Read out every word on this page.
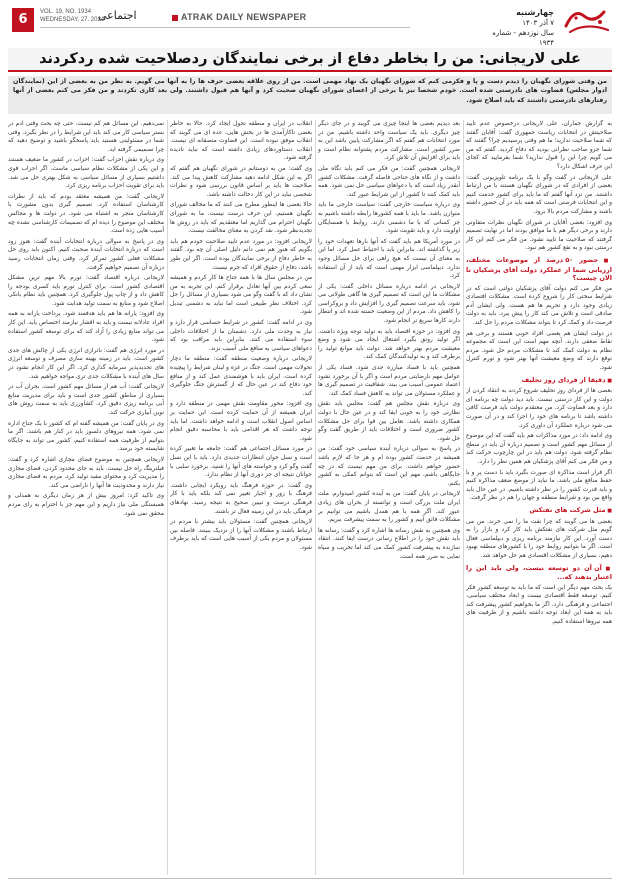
6	VOL. 19, NO. 1934
WEDNESDAY, 27. 2024
اجتماعی	ATRAK DAILY NEWSPAPER	چهارشنبه
۷ آذر ۱۴۰۳
سال نوزدهم - شماره ۱۹۳۴
علی لاریجانی: من را بخاطر دفاع از برخی نمایندگان ردصلاحیت شده ردکردند
من وقتی شورای نگهبان را دیدم دست و پا و فکرمی کنم که شورای نگهبان یک نهاد مهمی است. من از روی علاقه بعضی حرف ها را به آنها می گویم. به نظر من به بعضی از این (نمایندگان ادوار مجلس) قضاوت های نادرستی شده است. خودم شخصا نیز با برخی از اعضای شورای نگهبان صحبت کرد و آنها هم قبول داشتند. ولی بعد کاری نکردند و من فکر می کنم بعضی از آنها رفتارهای نادرستی داشتند که باید اصلاح شود.

به گزارش جماران، علی لاریجانی درخصوص عدم تایید صلاحیتش در انتخابات ریاست جمهوری گفت: آقایان گفتند که شما صلاحیت ندارید؛ ما هم وقتی پرسیدیم چرا؟ گفتند که شما جزو صاحب نظرانی بودید که دفاع کردید. گفتم که من می گویم چرا این را قبول ندارید؟ شما بفرمایید که کجای این حرف اشکال دارد؟

علی لاریجانی در گفت وگو با یک برنامه تلویزیونی گفت: بعضی از افرادی که در شورای نگهبان هستند با من ارتباط داشتند. من نزد آنها گفتم که ما باید برای کشور خدمت کنیم و این انتخابات فرصتی است که همه باید در آن حضور داشته باشند و مشارکت مردم بالا برود.

وی افزود: بعضی آقایان در شورای نگهبان نظرات متفاوتی دارند و برخی دیگر هم با ما موافق بودند اما در نهایت تصمیم گرفتند که صلاحیت ما تایید نشود. من فکر می کنم این کار درستی نبود و به نفع کشور هم نبود.

■ حضور ۵۰ درصد از موضوعات مختلف، ارزیابی شما از عملکرد دولت آقای پزشکیان تا الان چیست؟

من فکر می کنم دولت آقای پزشکیان دولتی است که در شرایط سختی کار را شروع کرده است. مشکلات اقتصادی زیادی وجود دارد و تحریم ها هم هست. ولی ایشان آدم صادقی است و تلاش می کند کار را پیش ببرد. باید به دولت فرصت داد و کمک کرد تا بتواند مشکلات مردم را حل کند.

در دولت ایشان هم بعضی افراد خوبی هستند و برخی هم نقاط ضعفی دارند. آنچه مهم است این است که مجموعه نظام به دولت کمک کند تا مشکلات مردم حل شود. مردم توقع دارند که وضع معیشت آنها بهتر شود و تورم کنترل شود.

■ دقیقا از فردای روز تحلیف

بعضی ها از فردای روز تحلیف شروع کردند به انتقاد کردن از دولت و این کار درستی نیست. باید دید دولت چه برنامه ای دارد و بعد قضاوت کرد. من معتقدم دولت باید فرصت کافی داشته باشد تا برنامه های خود را اجرا کند و در آن صورت می شود درباره عملکرد آن داوری کرد.

وی ادامه داد: در مورد مذاکرات هم باید گفت که این موضوع از مسائل مهم کشور است و تصمیم درباره آن باید در سطح نظام گرفته شود. دولت هم باید در این چارچوب حرکت کند و من فکر می کنم آقای پزشکیان هم همین نظر را دارد.

اگر قرار است مذاکره ای صورت بگیرد باید با دست پر و با حفظ منافع ملی باشد. ما نباید از موضع ضعف مذاکره کنیم و باید قدرت کشور را در نظر داشته باشیم. در عین حال باید واقع بین بود و شرایط منطقه و جهان را هم در نظر گرفت.

■ مثل شرکت های نفتکش

بعضی ها می گویند که چرا نفت ما را نمی خرند. من می گویم مثل شرکت های نفتکش باید کار کرد و بازار را به دست آورد. این کار نیازمند برنامه ریزی و دیپلماسی فعال است. اگر ما بتوانیم روابط خود را با کشورهای منطقه بهبود دهیم، بسیاری از مشکلات اقتصادی هم حل خواهد شد.

■ آن آن دو توسعه نیست، ولی باید این را اعتبار بدهند که...

یک بحث مهم دیگر این است که ما باید به توسعه کشور فکر کنیم. توسعه فقط اقتصادی نیست و ابعاد مختلف سیاسی، اجتماعی و فرهنگی دارد. اگر ما بخواهیم کشور پیشرفت کند باید به همه این ابعاد توجه داشته باشیم و از ظرفیت های همه نیروها استفاده کنیم.

بعد دیدیم بعضی ها اینجا چیزی می گویند و در جای دیگر چیز دیگری. باید یک سیاست واحد داشته باشیم. من در مورد انتخابات هم گفتم که اگر مشارکت پایین باشد این به ضرر کشور است. مشارکت مردم پشتوانه نظام است و باید برای افزایش آن تلاش کرد.

لاریجانی همچنین گفت: من فکر می کنم باید نگاه ملی داشت و از نگاه های جناحی فاصله گرفت. مشکلات کشور آنقدر زیاد است که با دعواهای سیاسی حل نمی شود. همه باید کمک کنند تا کشور از این شرایط عبور کند.

وی درباره سیاست خارجی گفت: سیاست خارجی ما باید متوازن باشد. ما باید با همه کشورها رابطه داشته باشیم به جز کسانی که با ما دشمنی دارند. روابط با همسایگان اولویت دارد و باید تقویت شود.

در مورد آمریکا هم باید گفت که آنها بارها تعهدات خود را زیر پا گذاشته اند. بنابراین باید با احتیاط عمل کرد. اما این به معنای آن نیست که هیچ راهی برای حل مسائل وجود ندارد. دیپلماسی ابزار مهمی است که باید از آن استفاده کرد.

لاریجانی در ادامه درباره مسائل داخلی گفت: یکی از مشکلات ما این است که تصمیم گیری ها گاهی طولانی می شود. باید سرعت تصمیم گیری را افزایش داد و بروکراسی را کاهش داد. مردم از این وضعیت خسته شده اند و انتظار دارند کارها سریع تر انجام شود.

وی افزود: در حوزه اقتصاد باید به تولید توجه ویژه داشت. اگر تولید رونق بگیرد اشتغال ایجاد می شود و وضع معیشت مردم بهتر خواهد شد. دولت باید موانع تولید را برطرف کند و به تولیدکنندگان کمک کند.

همچنین باید با فساد مبارزه جدی شود. فساد یکی از عوامل مهم نارضایتی مردم است و اگر با آن برخورد نشود اعتماد عمومی آسیب می بیند. شفافیت در تصمیم گیری ها و عملکرد مسئولان می تواند به کاهش فساد کمک کند.

وی درباره نقش مجلس هم گفت: مجلس باید نقش نظارتی خود را به خوبی ایفا کند و در عین حال با دولت همکاری داشته باشد. تعامل بین قوا برای حل مشکلات کشور ضروری است و اختلافات باید از طریق گفت وگو حل شود.

در پاسخ به سوالی درباره آینده سیاسی خود گفت: من همیشه در خدمت کشور بوده ام و هر جا که لازم باشد حضور خواهم داشت. برای من مهم نیست که در چه جایگاهی باشم، مهم این است که بتوانم کمکی به کشور بکنم.

لاریجانی در پایان گفت: من به آینده کشور امیدوارم. ملت ایران ملت بزرگی است و توانسته از بحران های زیادی عبور کند. اگر همه با هم همدل باشیم می توانیم بر مشکلات فائق آییم و کشور را به سمت پیشرفت ببریم.

وی همچنین به نقش رسانه ها اشاره کرد و گفت: رسانه ها باید نقش خود را در اطلاع رسانی درست ایفا کنند. انتقاد سازنده به پیشرفت کشور کمک می کند اما تخریب و سیاه نمایی به ضرر همه است.

انقلاب در ایران و منطقه تحول ایجاد کرد. حالا به خاطر بعضی ناکارآمدی ها در بخش هایی، عده ای می گویند که انقلاب موفق نبوده است. این قضاوت منصفانه ای نیست. انقلاب دستاوردهای زیادی داشته است که نباید نادیده گرفته شود.

وی گفت: من به دوستانم در شورای نگهبان هم گفتم که اگر به این شکل ادامه دهید مشارکت کاهش پیدا می کند. صلاحیت ها باید بر اساس قانون بررسی شود و نظرات شخصی نباید در این کار دخالت داشته باشد.

حالا بعضی ها اینطور مطرح می کنند که ما مخالف شورای نگهبان هستیم. این حرف درست نیست. ما به شورای نگهبان احترام می گذاریم اما معتقدیم که باید در روش ها تجدیدنظر شود. نقد کردن به معنای مخالفت نیست.

لاریجانی افزود: در مورد عدم تایید صلاحیت خودم هم باید بگویم که هنوز هم نمی دانم دلیل اصلی آن چه بود. گفتند به خاطر دفاع از برخی نمایندگان بوده است. اگر این طور باشد، دفاع از حقوق افراد که جرم نیست.

من در مجلس سال ها با همه جناح ها کار کردم و همیشه سعی کردم بین آنها تعادل برقرار کنم. این تجربه به من نشان داد که با گفت وگو می شود بسیاری از مسائل را حل کرد. اختلاف نظر طبیعی است اما نباید به دشمنی تبدیل شود.

وی در ادامه گفت: کشور در شرایط حساسی قرار دارد و نیاز به وحدت ملی دارد. دشمنان ما از اختلافات داخلی سوء استفاده می کنند. بنابراین باید مراقب بود که دعواهای سیاسی به منافع ملی آسیب نزند.

لاریجانی درباره وضعیت منطقه گفت: منطقه ما دچار تحولات مهمی است. جنگ در غزه و لبنان شرایط را پیچیده کرده است. ایران باید با هوشمندی عمل کند و از منافع خود دفاع کند در عین حال که از گسترش جنگ جلوگیری کند.

وی افزود: محور مقاومت نقش مهمی در منطقه دارد و ایران همیشه از آن حمایت کرده است. این حمایت بر اساس اصول انقلاب است و ادامه خواهد داشت. اما باید توجه داشت که هر اقدامی باید با محاسبه دقیق انجام شود.

در مورد مسائل اجتماعی هم گفت: جامعه ما تغییر کرده است و نسل جوان انتظارات جدیدی دارد. باید با این نسل گفت وگو کرد و خواسته های آنها را شنید. برخورد سلبی با جوانان نتیجه ای جز دوری آنها از نظام ندارد.

وی گفت: در حوزه فرهنگ باید رویکرد ایجابی داشت. فرهنگ با زور و اجبار تغییر نمی کند بلکه باید با کار فرهنگی درست و تبیین صحیح به نتیجه رسید. نهادهای فرهنگی باید در این زمینه فعال تر باشند.

لاریجانی همچنین گفت: مسئولان باید بیشتر با مردم در ارتباط باشند و مشکلات آنها را از نزدیک ببینند. فاصله بین مسئولان و مردم یکی از آسیب هایی است که باید برطرف شود.

نمی‌دهیم. این مسائل هم کم نیست. حتی چه بحث وقتی آدم در بستر سیاسی کار می کند باید این شرایط را در نظر بگیرد. وقتی شما در مسئولیتی هستید باید پاسخگو باشید و توضیح دهید که چرا تصمیمی گرفته اید.

وی درباره نقش احزاب گفت: احزاب در کشور ما ضعیف هستند و این یکی از مشکلات نظام سیاسی ماست. اگر احزاب قوی داشتیم بسیاری از مسائل سیاسی به شکل بهتری حل می شد. باید برای تقویت احزاب برنامه ریزی کرد.

لاریجانی گفت: من همیشه معتقد بودم که باید از نظرات کارشناسان استفاده کرد. تصمیم گیری بدون مشورت با کارشناسان منجر به اشتباه می شود. در دولت ها و مجالس مختلف این موضوع را دیده ام که تصمیمات کارشناسی نشده چه آسیب هایی زده است.

وی در پاسخ به سوالی درباره انتخابات آینده گفت: هنوز زود است که درباره انتخابات آینده صحبت کنیم. اکنون باید روی حل مشکلات فعلی کشور تمرکز کرد. وقتی زمان انتخابات رسید درباره آن تصمیم خواهیم گرفت.

لاریجانی درباره اقتصاد گفت: تورم بالا مهم ترین مشکل اقتصادی کشور است. برای کنترل تورم باید کسری بودجه را کاهش داد و از چاپ پول جلوگیری کرد. همچنین باید نظام بانکی اصلاح شود و منابع به سمت تولید هدایت شود.

وی افزود: یارانه ها هم باید هدفمند شود. پرداخت یارانه به همه افراد عادلانه نیست و باید به اقشار نیازمند اختصاص یابد. این کار می تواند منابع زیادی را آزاد کند که برای توسعه کشور استفاده شود.

در مورد انرژی هم گفت: ناترازی انرژی یکی از چالش های جدی کشور است. باید در زمینه بهینه سازی مصرف و توسعه انرژی های تجدیدپذیر سرمایه گذاری کرد. اگر این کار انجام نشود در سال های آینده با مشکلات جدی تری مواجه خواهیم شد.

لاریجانی گفت: آب هم از مسائل مهم کشور است. بحران آب در بسیاری از مناطق کشور جدی است و باید برای مدیریت منابع آبی برنامه ریزی دقیق کرد. کشاورزی باید به سمت روش های نوین آبیاری حرکت کند.

وی در پایان گفت: من همیشه گفته ام که کشور با یک جناح اداره نمی شود. همه نیروهای دلسوز باید در کنار هم باشند. اگر ما بتوانیم از ظرفیت همه استفاده کنیم، کشور می تواند به جایگاه شایسته خود برسد.

لاریجانی همچنین به موضوع فضای مجازی اشاره کرد و گفت: فیلترینگ راه حل نیست. باید به جای محدود کردن، فضای مجازی را مدیریت کرد و محتوای مفید تولید کرد. مردم به فضای مجازی نیاز دارند و محدودیت ها آنها را ناراضی می کند.

وی تاکید کرد: امروز بیش از هر زمان دیگری به همدلی و همبستگی ملی نیاز داریم و این مهم جز با احترام به رای مردم محقق نمی شود.
